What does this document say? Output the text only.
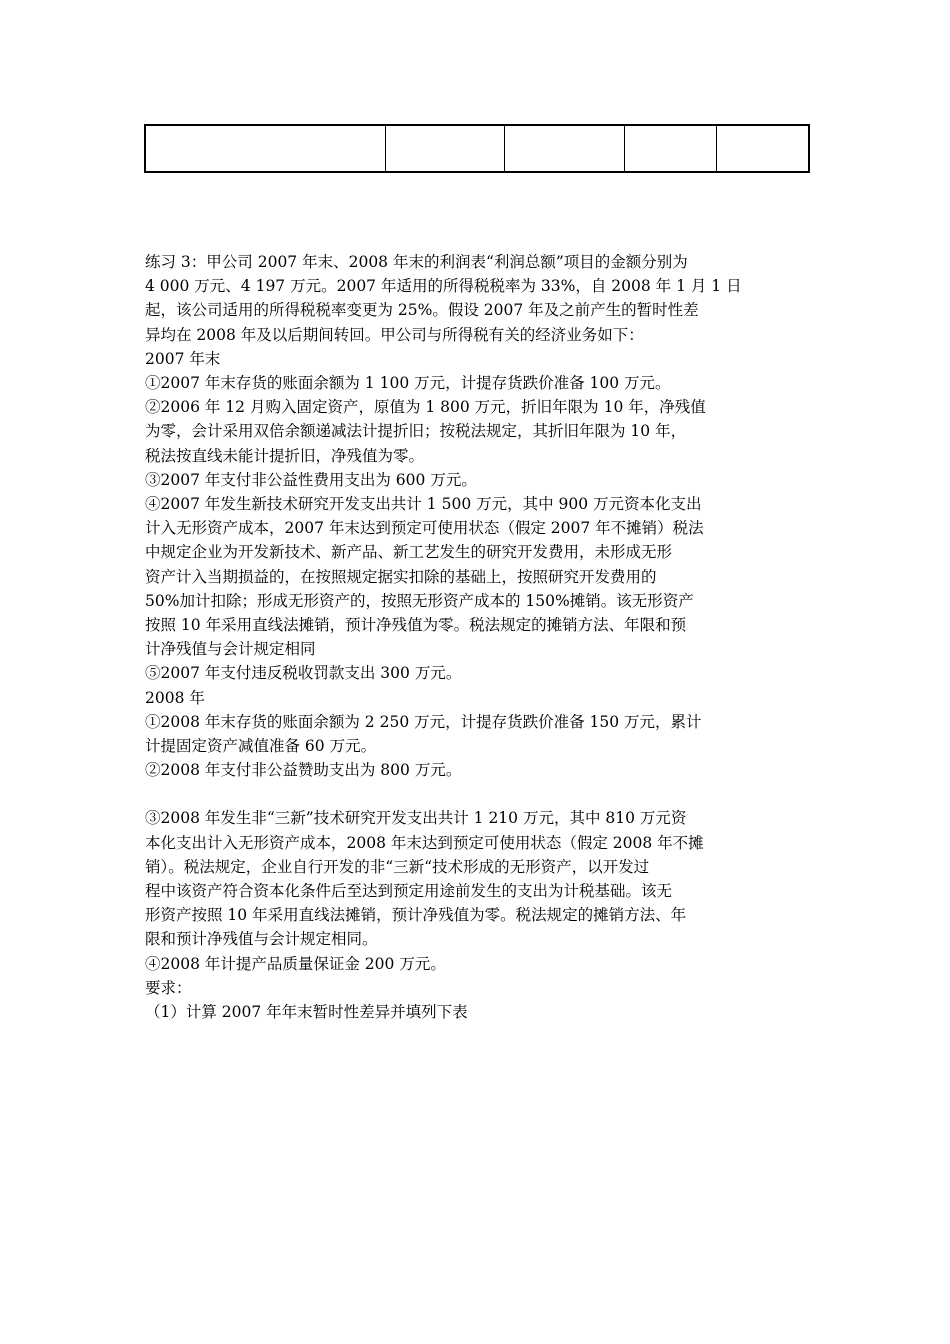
练习 3：甲公司 2007 年末、2008 年末的利润表“利润总额”项目的金额分别为

4 000 万元、4 197 万元。2007 年适用的所得税税率为 33%，自 2008 年 1 月 1 日

起，该公司适用的所得税税率变更为 25%。假设 2007 年及之前产生的暂时性差

异均在 2008 年及以后期间转回。甲公司与所得税有关的经济业务如下：

2007 年末

①2007 年末存货的账面余额为 1 100 万元，计提存货跌价准备 100 万元。

②2006 年 12 月购入固定资产，原值为 1 800 万元，折旧年限为 10 年，净残值

为零，会计采用双倍余额递减法计提折旧；按税法规定，其折旧年限为 10 年，

税法按直线未能计提折旧，净残值为零。

③2007 年支付非公益性费用支出为 600 万元。

④2007 年发生新技术研究开发支出共计 1 500 万元，其中 900 万元资本化支出

计入无形资产成本，2007 年末达到预定可使用状态（假定 2007 年不摊销）税法

中规定企业为开发新技术、新产品、新工艺发生的研究开发费用，未形成无形

资产计入当期损益的，在按照规定据实扣除的基础上，按照研究开发费用的

50%加计扣除；形成无形资产的，按照无形资产成本的 150%摊销。该无形资产

按照 10 年采用直线法摊销，预计净残值为零。税法规定的摊销方法、年限和预

计净残值与会计规定相同

⑤2007 年支付违反税收罚款支出 300 万元。

2008 年

①2008 年末存货的账面余额为 2 250 万元，计提存货跌价准备 150 万元，累计

计提固定资产减值准备 60 万元。

②2008 年支付非公益赞助支出为 800 万元。

③2008 年发生非“三新”技术研究开发支出共计 1 210 万元，其中 810 万元资

本化支出计入无形资产成本，2008 年末达到预定可使用状态（假定 2008 年不摊

销）。税法规定，企业自行开发的非“三新“技术形成的无形资产，以开发过

程中该资产符合资本化条件后至达到预定用途前发生的支出为计税基础。该无

形资产按照 10 年采用直线法摊销，预计净残值为零。税法规定的摊销方法、年

限和预计净残值与会计规定相同。

④2008 年计提产品质量保证金 200 万元。

要求：

（1）计算 2007 年年末暂时性差异并填列下表
